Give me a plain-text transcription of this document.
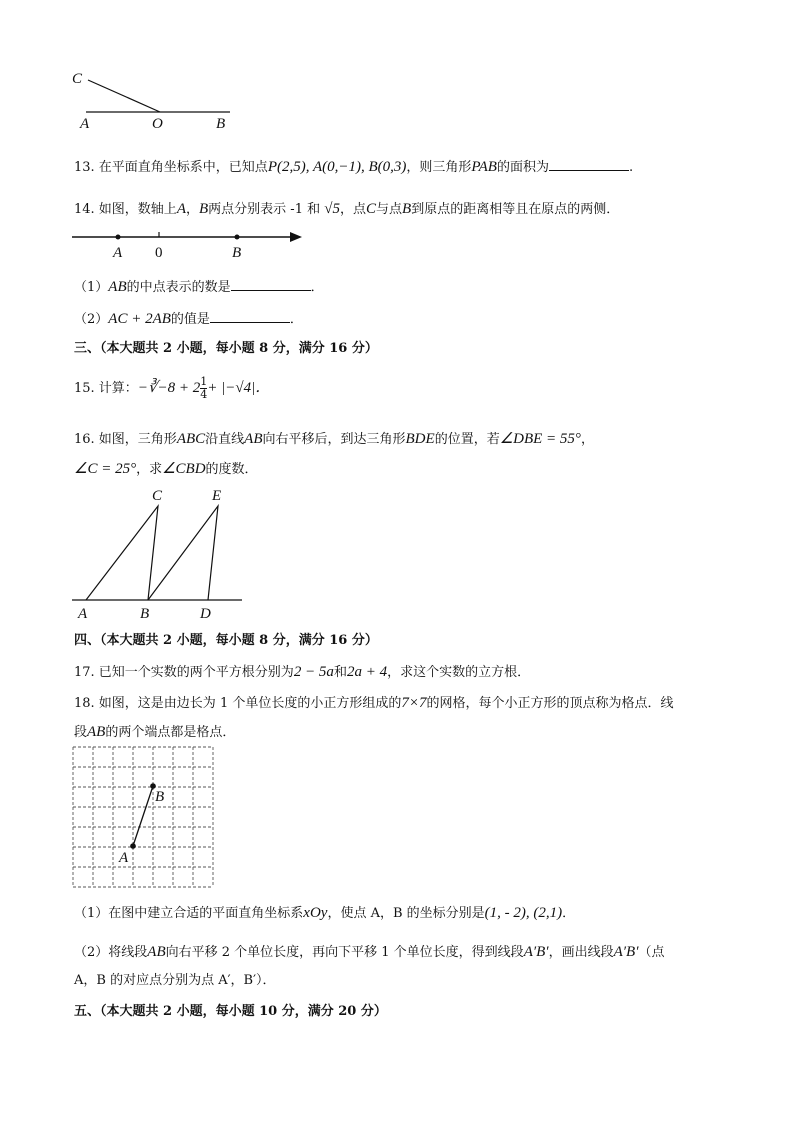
C
A	O	B
13. 在平面直角坐标系中，已知点P(2,5), A(0,−1), B(0,3)，则三角形PAB的面积为	.
14. 如图，数轴上A，B两点分别表示 -1 和 √5，点C与点B到原点的距离相等且在原点的两侧．
A 0	B
（1）AB的中点表示的数是	．
（2）AC + 2AB的值是	．
三、（本大题共 2 小题，每小题 8 分，满分 16 分）
15. 计算：−∛−8 + $2 \frac{1}{4} + |-√4|$．
16. 如图，三角形ABC沿直线AB向右平移后，到达三角形BDE的位置，若∠DBE = 55°，
∠C = 25°，求∠CBD的度数．
C	E
A	B	D
四、（本大题共 2 小题，每小题 8 分，满分 16 分）
17. 已知一个实数的两个平方根分别为2 − 5a和2a + 4，求这个实数的立方根．
18. 如图，这是由边长为 1 个单位长度的小正方形组成的7×7的网格，每个小正方形的顶点称为格点．线
段AB的两个端点都是格点．
A
B
（1）在图中建立合适的平面直角坐标系xOy，使点 A，B 的坐标分别是(1, - 2), (2,1)．
（2）将线段AB向右平移 2 个单位长度，再向下平移 1 个单位长度，得到线段A′B′，画出线段A′B′（点
A，B 的对应点分别为点 A′，B′）．
五、（本大题共 2 小题，每小题 10 分，满分 20 分）
